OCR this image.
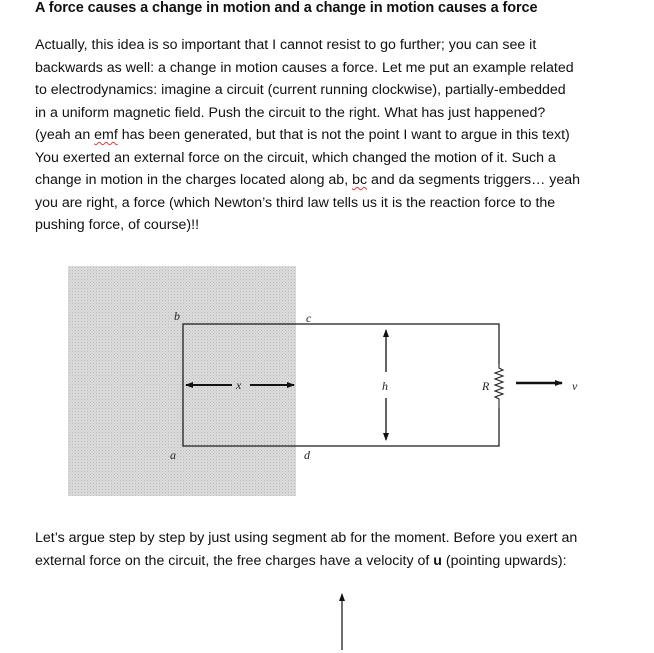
A force causes a change in motion and a change in motion causes a force

Actually, this idea is so important that I cannot resist to go further; you can see it

backwards as well: a change in motion causes a force. Let me put an example related

to electrodynamics: imagine a circuit (current running clockwise), partially-embedded

in a uniform magnetic field. Push the circuit to the right. What has just happened?

(yeah an emf has been generated, but that is not the point I want to argue in this text)

You exerted an external force on the circuit, which changed the motion of it. Such a

change in motion in the charges located along ab, bc and da segments triggers… yeah

you are right, a force (which Newton’s third law tells us it is the reaction force to the

pushing force, of course)!!

b	c
a	d
x	h	R	v

Let’s argue step by step by just using segment ab for the moment. Before you exert an

external force on the circuit, the free charges have a velocity of u (pointing upwards):
